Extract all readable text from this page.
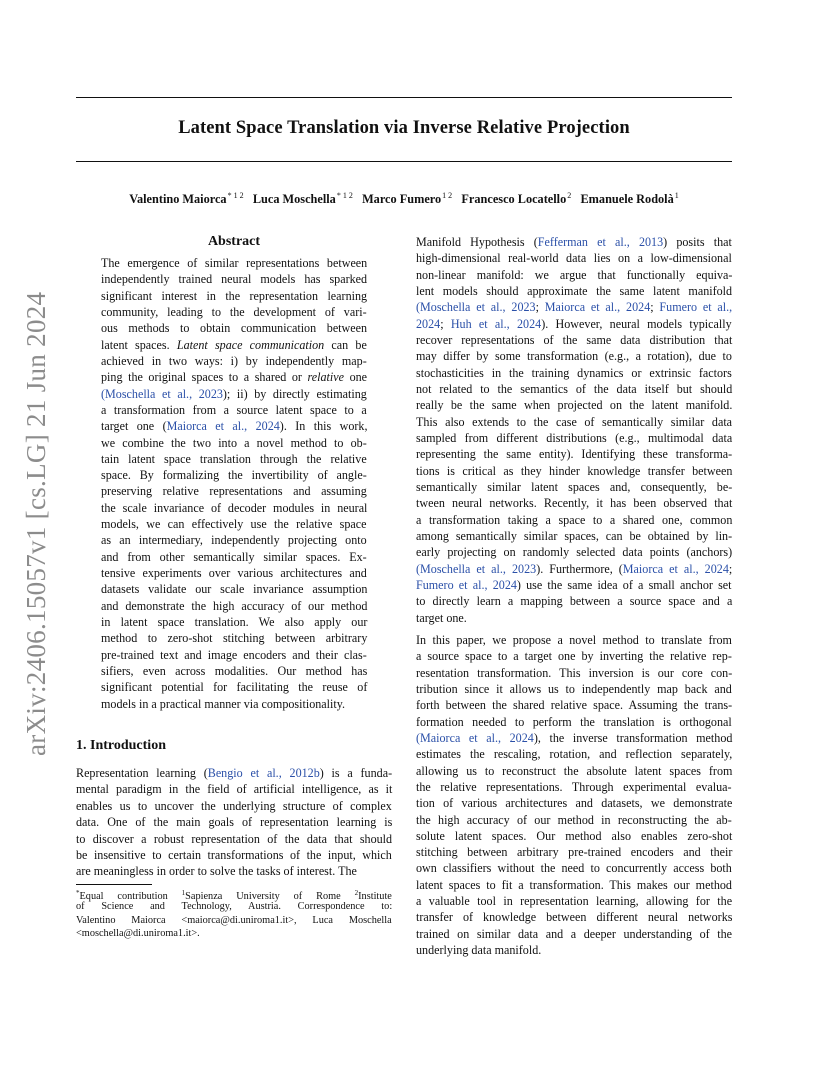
Latent Space Translation via Inverse Relative Projection
Valentino Maiorca$^{* 1 2}$ Luca Moschella$^{* 1 2}$ Marco Fumero$^{1 2}$ Francesco Locatello$^2$ Emanuele Rodolà$^1$
arXiv:2406.15057v1 [cs.LG] 21 Jun 2024
Abstract
The emergence of similar representations between
independently trained neural models has sparked
significant interest in the representation learning
community, leading to the development of vari-
ous methods to obtain communication between
latent spaces. Latent space communication can be
achieved in two ways: i) by independently map-
ping the original spaces to a shared or relative one
(Moschella et al., 2023); ii) by directly estimating
a transformation from a source latent space to a
target one (Maiorca et al., 2024). In this work,
we combine the two into a novel method to ob-
tain latent space translation through the relative
space. By formalizing the invertibility of angle-
preserving relative representations and assuming
the scale invariance of decoder modules in neural
models, we can effectively use the relative space
as an intermediary, independently projecting onto
and from other semantically similar spaces. Ex-
tensive experiments over various architectures and
datasets validate our scale invariance assumption
and demonstrate the high accuracy of our method
in latent space translation. We also apply our
method to zero-shot stitching between arbitrary
pre-trained text and image encoders and their clas-
sifiers, even across modalities. Our method has
significant potential for facilitating the reuse of
models in a practical manner via compositionality.
1. Introduction
Representation learning (Bengio et al., 2012b) is a funda-
mental paradigm in the field of artificial intelligence, as it
enables us to uncover the underlying structure of complex
data. One of the main goals of representation learning is
to discover a robust representation of the data that should
be insensitive to certain transformations of the input, which
are meaningless in order to solve the tasks of interest. The
*Equal contribution $^1$Sapienza University of Rome $^2$Institute
of Science and Technology, Austria. Correspondence to:
Valentino Maiorca <maiorca@di.uniroma1.it>, Luca Moschella
<moschella@di.uniroma1.it>.
Manifold Hypothesis (Fefferman et al., 2013) posits that
high-dimensional real-world data lies on a low-dimensional
non-linear manifold: we argue that functionally equiva-
lent models should approximate the same latent manifold
(Moschella et al., 2023; Maiorca et al., 2024; Fumero et al.,
2024; Huh et al., 2024). However, neural models typically
recover representations of the same data distribution that
may differ by some transformation (e.g., a rotation), due to
stochasticities in the training dynamics or extrinsic factors
not related to the semantics of the data itself but should
really be the same when projected on the latent manifold.
This also extends to the case of semantically similar data
sampled from different distributions (e.g., multimodal data
representing the same entity). Identifying these transforma-
tions is critical as they hinder knowledge transfer between
semantically similar latent spaces and, consequently, be-
tween neural networks. Recently, it has been observed that
a transformation taking a space to a shared one, common
among semantically similar spaces, can be obtained by lin-
early projecting on randomly selected data points (anchors)
(Moschella et al., 2023). Furthermore, (Maiorca et al., 2024;
Fumero et al., 2024) use the same idea of a small anchor set
to directly learn a mapping between a source space and a
target one.
In this paper, we propose a novel method to translate from
a source space to a target one by inverting the relative rep-
resentation transformation. This inversion is our core con-
tribution since it allows us to independently map back and
forth between the shared relative space. Assuming the trans-
formation needed to perform the translation is orthogonal
(Maiorca et al., 2024), the inverse transformation method
estimates the rescaling, rotation, and reflection separately,
allowing us to reconstruct the absolute latent spaces from
the relative representations. Through experimental evalua-
tion of various architectures and datasets, we demonstrate
the high accuracy of our method in reconstructing the ab-
solute latent spaces. Our method also enables zero-shot
stitching between arbitrary pre-trained encoders and their
own classifiers without the need to concurrently access both
latent spaces to fit a transformation. This makes our method
a valuable tool in representation learning, allowing for the
transfer of knowledge between different neural networks
trained on similar data and a deeper understanding of the
underlying data manifold.
